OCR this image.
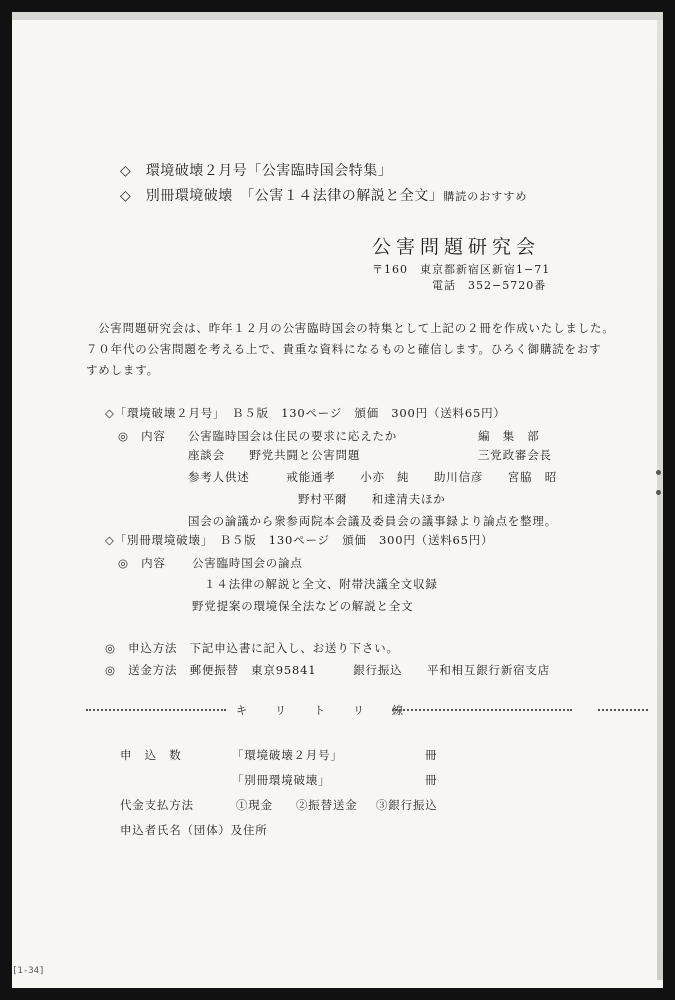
◇　環境破壊２月号「公害臨時国会特集」
◇　別冊環境破壊　「公害１４法律の解説と全文」購読のおすすめ
公害問題研究会
〒160　東京都新宿区新宿1−71
電話　352−5720番
公害問題研究会は、昨年１２月の公害臨時国会の特集として上記の２冊を作成いたしました。
７０年代の公害問題を考える上で、貴重な資料になるものと確信します。ひろく御購読をおす
すめします。
◇「環境破壊２月号」　Ｂ５版　130ページ　頒価　300円（送料65円）
◎　内容 公害臨時国会は住民の要求に応えたか	編　集　部
座談会　　野党共闘と公害問題	三党政審会長
参考人供述　　　戒能通孝　　小亦　純　　助川信彦　　宮脇　昭
野村平爾　　和達清夫ほか
国会の論議から衆参両院本会議及委員会の議事録より論点を整理。
◇「別冊環境破壊」　Ｂ５版　130ページ　頒価　300円（送料65円）
◎　内容 公害臨時国会の論点
１４法律の解説と全文、附帯決議全文収録
野党提案の環境保全法などの解説と全文
◎　申込方法　下記申込書に記入し、お送り下さい。
◎　送金方法　郵便振替　東京95841　　　銀行振込　　平和相互銀行新宿支店
キ　　リ　　ト　　リ　　線
申　込　数	「環境破壊２月号」	冊
「別冊環境破壊」	冊
代金支払方法	①現金 ②振替送金 ③銀行振込
申込者氏名（団体）及住所
[1-34]
